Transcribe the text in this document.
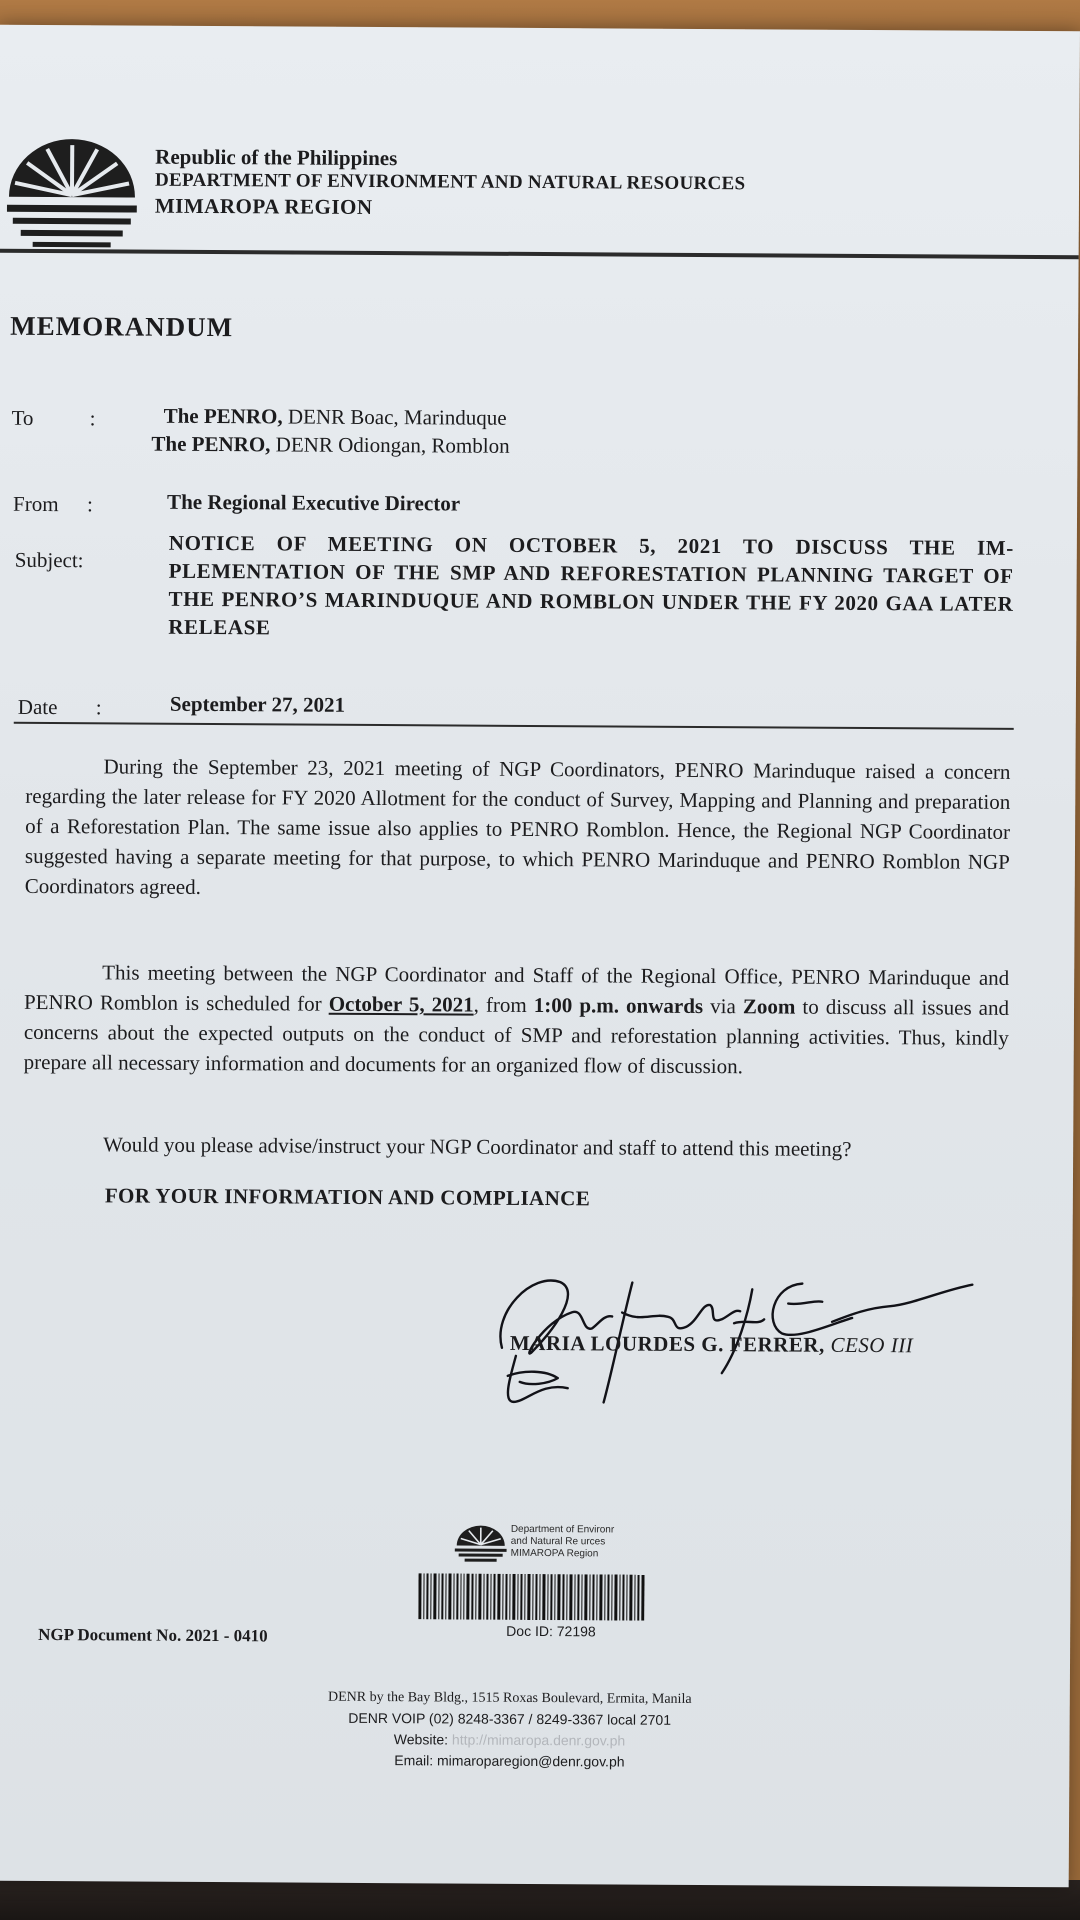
Republic of the Philippines
DEPARTMENT OF ENVIRONMENT AND NATURAL RESOURCES
MIMAROPA REGION
MEMORANDUM
To	:	The PENRO, DENR Boac, Marinduque
The PENRO, DENR Odiongan, Romblon
From :	The Regional Executive Director
Subject:
NOTICE OF MEETING ON OCTOBER 5, 2021 TO DISCUSS THE IM-PLEMENTATION OF THE SMP AND REFORESTATION PLANNING TARGET OF THE PENRO’S MARINDUQUE AND ROMBLON UNDER THE FY 2020 GAA LATER RELEASE
Date :	September 27, 2021
During the September 23, 2021 meeting of NGP Coordinators, PENRO Marinduque raised a concern regarding the later release for FY 2020 Allotment for the conduct of Survey, Mapping and Planning and preparation of a Reforestation Plan. The same issue also applies to PENRO Romblon. Hence, the Regional NGP Coordinator suggested having a separate meeting for that purpose, to which PENRO Marinduque and PENRO Romblon NGP Coordinators agreed.
This meeting between the NGP Coordinator and Staff of the Regional Office, PENRO Marinduque and PENRO Romblon is scheduled for October 5, 2021, from 1:00 p.m. onwards via Zoom to discuss all issues and concerns about the expected outputs on the conduct of SMP and reforestation planning activities. Thus, kindly prepare all necessary information and documents for an organized flow of discussion.
Would you please advise/instruct your NGP Coordinator and staff to attend this meeting?
FOR YOUR INFORMATION AND COMPLIANCE
MARIA LOURDES G. FERRER, CESO III
Department of Environr
and Natural Re urces
MIMAROPA Region
Doc ID: 72198
NGP Document No. 2021 - 0410
DENR by the Bay Bldg., 1515 Roxas Boulevard, Ermita, Manila
DENR VOIP (02) 8248-3367 / 8249-3367 local 2701
Website: http://mimaropa.denr.gov.ph
Email: mimaroparegion@denr.gov.ph
